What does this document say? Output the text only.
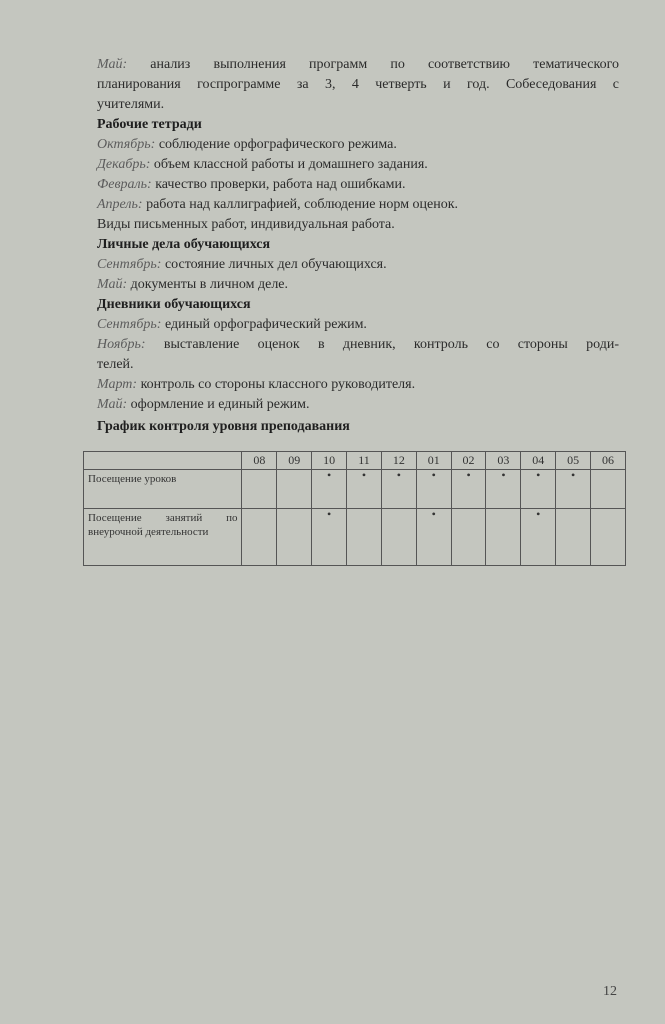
Май: анализ выполнения программ по соответствию тематического

планирования госпрограмме за 3, 4 четверть и год. Собеседования с

учителями.

Рабочие тетради

Октябрь: соблюдение орфографического режима.

Декабрь: объем классной работы и домашнего задания.

Февраль: качество проверки, работа над ошибками.

Апрель: работа над каллиграфией, соблюдение норм оценок.

Виды письменных работ, индивидуальная работа.

Личные дела обучающихся

Сентябрь: состояние личных дел обучающихся.

Май: документы в личном деле.

Дневники обучающихся

Сентябрь: единый орфографический режим.

Ноябрь: выставление оценок в дневник, контроль со стороны роди-

телей.

Март: контроль со стороны классного руководителя.

Май: оформление и единый режим.

График контроля уровня преподавания

	08	09	10	11	12	01	02	03	04	05	06
Посещение уроков			•	•	•	•	•	•	•	•	
Посещение занятий по внеурочной деятельности			•			•			•		
12
